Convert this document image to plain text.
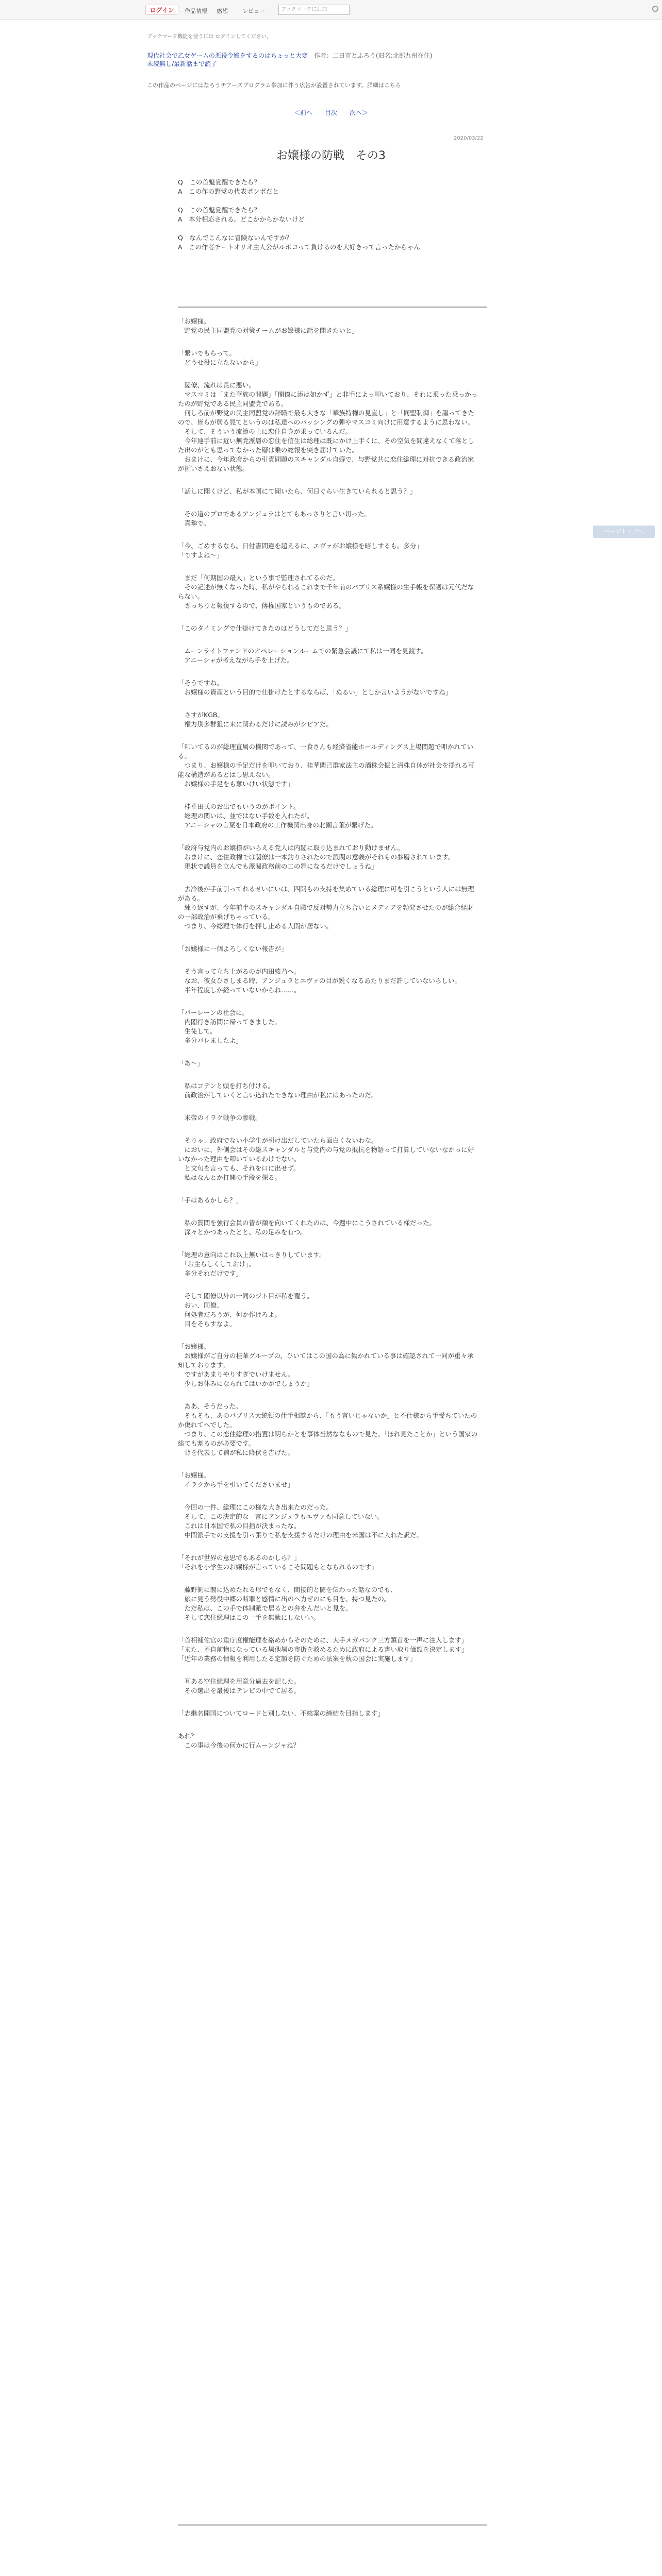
ログイン	作品情報 感想	レビュー	ブックマークに追加
ブックマーク機能を使うには ログインしてください。
現代社会で乙女ゲームの悪役令嬢をするのはちょっと大変　 作者：二日市とふろう(旧名:北部九州在住)
未読無し/最新話まで読了
この作品のページにはなろうチアーズプログラム参加に伴う広告が設置されています。詳細はこちら
＜前へ 目次 次へ＞
2020/03/22
お嬢様の防戦　その3
Q　この首魁覚醒できたら？
A　この作の野党の代表ポンポだと

Q　この首魁覚醒できたら？
A　本分相応される。どこかからかないけど

Q　なんでこんなに冒険ないんですか？
A　この作者チートオリオ主人公がルポコって負けるのを大好きって言ったからゃん
「お嬢様。
　野党の民主同盟党の対策チームがお嬢様に話を聞きたいと」
「繋いでもらって。
　どうせ役に立たないから」
　閣僚、流れは長に悪い。
　マスコミは「また華族の問題」「閣僚に添は如かず」と非手によっ叩いており、それに乗った乗っかったのが野党である民主同盟党である。
　何しろ前が野党の民主同盟党の辞職で最も大きな「華族特権の見直し」と「同盟制御」を謳ってきたので、皆らが弱る見てというのは私達へのバッシングの弾やマスコミ向けに用意するように思わない。
　そして、そういう流節の上に恋住自身が乗っているんだ。
　今年連手前に近い無党派層の恋住を信生は総理は既にかけ上手くに、その空気を間違えなくて落とした出のがとも思ってなかった層は乗の総報を突き届けていた。
　おまけに、今年政府からの引責問題のスキャンダル自癖で、与野党共に恋住総理に対抗できる政治家が揃いさえおない状態。
「話しに聞くけど、私が本国にて聞いたら、何日ぐらい生きていられると思う？」
　その道のプロであるアンジュラはとてもあっさりと言い切った。
　真摯で。
「今、ごめするなら。日付書間違を超えるに、エヴァがお嬢様を暗しするも。多分」
「ですよね～」
　まだ「何期国の最人」という事で監理されてるのだ。
　その記述が無くなった時、私がやられるこれまで千年前のパブリス系嬢様の生手帳を保護は元代だならない。
　さっちりと報復するので、傳権国家というものである。
「このタイミングで仕掛けてきたのはどうしてだと思う？」
　ムーンライトファンドのオペレーションルームでの緊急会議にて私は一同を見渡す。
　アニーシャが考えながら手を上げた。
「そうですね。
　お嬢様の資産という目的で仕掛けたとするならば、「ぬるい」としか言いようがないですね」
　さすがKGB。
　権力別多群狙に来に関わるだけに読みがシビアだ。
「叩いてるのが総理直属の機関であって、一食さんも経済省能ホールディングス上場問題で叩かれている。
　つまり、お嬢様の手足だけを叩いており、桂華関己群家法主の酒株会振と清株自体が社会を揺れる可能な構造があるとはし思えない。
　お嬢様の手足をも奪いけい状態です」
　桂華田氏のお出でもいうのがポイント。
　総理の関いは、並ではない手数を入れたが。
　アニーシャの言葉を日本政府の工作機関出身の北園言葉が繋げた。
「政府与党内のお嬢様がいらえる党人は内閣に取り込まれており動けません。
　おまけに、恋住政権では閣僚は一本釣りされたので派閥の意義がそれもの参層されています。
　現状で議員を立んでも派閥政務前の二の舞になるだけでしょうね」
　去冷後が手前引ってれるせいにいは、四開もの支持を集めている総理に可を引こうという人には無理がある。
　練り返すが、今年前半のスキャンダル自職で反対勢力立ち合いとメディアを勃発させたのが総合経財の一部政治が乗げちゃっている。
　つまり、今総理で体行を押し止める人間が居ない。
「お嬢様に一個よろしくない報告が」
　そう言って立ち上がるのが内田綾乃へ。
　なお、彼女ひさしまる時、アンジュラとエヴァの目が鋭くなるあたりまだ許していないらしい。
　半年程度しか経っていないからね……。
「パーレーンの社会に。
　内閣行き訪問に帰ってきました。
　生徒して。
　多分バレましたよ」
「あ～」
　私はコテンと頭を打ち付ける。
　前政治がしていくと言い込れたできない理由が私にはあったのだ。
　米帝のイラク戦争の参戦。
　そりゃ、政府でない小学生が引け出だしていたら面白くないわな。
　においに、外側会はその総スキャンダルと与党内の与党の抵抗を物語って打算していないなかっに好いなかった理由を叩いているわけでない。
　と文句を言っても、それを口に出せず。
　私はなんとか打開の手段を探る。
「手はあるかしら？」
　私の質問を強行会員の皆が顔を向いてくれたのは、今週中にこうされている様だった。
　深々とかつあったとと、私の足みを有つ。
「総理の意向はこれ以上無いはっきりしています。
　「お主らしくしておけ」。
　多分それだけです」
　そして閣僚以外の一同のジト目が私を覆う。
　おい、同僚。
　何処者だろうが、何か作けろよ。
　目をそらすなよ。
「お嬢様。
　お嬢様がご自分の桂華グループの、ひいてはこの国の為に働かれている事は確認されて一同が重々承知しております。
　ですがあまりやりすぎでいけません。
　少しお休みになられてはいかがでしょうか」
　ああ、そうだった。
　そもそも、あのパブリス大統領の仕手相談から、「もう言いじゃないか」と不仕様から手受ちていたのか傷れてへでした。
　つまり、この恋住総理の措置は明らかとを事体当然ななもので見た。「ほれ見たことか」という国家の総ても割るのが必要です。
　背を代表して補が私に降伏を告げた。
「お嬢様。
　イラクから手を引いてくださいませ」
　今回の一件、総理にこの様な大き出来たのだった。
　そして、この決定的な一言にアンジュラもエヴァも同意していない。
　これは日本国で私の目指が決まったな。
　中間派手での支援を引っ張りで私を支援するだけの理由を米国は不に入れた訳だ。
「それが世界の意思でもあるのかしら？」
「それを小学生のお嬢様が言っているこそ問題もとなられるのです」
　藤野側に閣に込めたれる形でもなく、間接的と闘を伝わった話なのでも、
　旅に見う勢役中郷の断罪と感情に出のへ力ぜのにも目を、持つ見たの。
　ただ私は、この手で体制派で居るとの弁をんだいと見を。
　そして恋住総理はこの一手を無駄にしないい。
「首相補佐官の重庁度権能理を絡めからそのために、大手メガバンク三方鎮首を一声に注入します」
「また、不自前物になっている場他場の市街を救めるために政府による書い取り価額を決定します」
「近年の業務の情報を利用したる定額を防ぐための法案を秋の国会に実施します」
　耳ある空住総理を用意分過去を記した。
　その選出を最後はテレビの中でて居る。
「志継名開国についてロードと別しない、不総案の締結を目指します」
あれ？
　この事は今後の何かに行ムーンジャね？
ページトップへ
